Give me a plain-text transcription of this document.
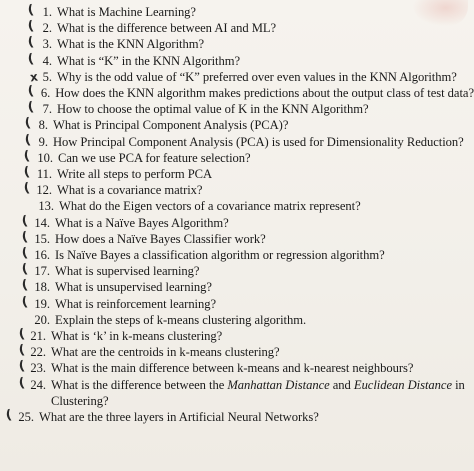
( 1. What is Machine Learning?
( 2. What is the difference between AI and ML?
( 3. What is the KNN Algorithm?
( 4. What is “K” in the KNN Algorithm?
x 5. Why is the odd value of “K” preferred over even values in the KNN Algorithm?
( 6. How does the KNN algorithm makes predictions about the output class of test data?
( 7. How to choose the optimal value of K in the KNN Algorithm?
( 8. What is Principal Component Analysis (PCA)?
( 9. How Principal Component Analysis (PCA) is used for Dimensionality Reduction?
( 10. Can we use PCA for feature selection?
( 11. Write all steps to perform PCA
( 12. What is a covariance matrix?
13. What do the Eigen vectors of a covariance matrix represent?
( 14. What is a Naïve Bayes Algorithm?
( 15. How does a Naïve Bayes Classifier work?
( 16. Is Naïve Bayes a classification algorithm or regression algorithm?
( 17. What is supervised learning?
( 18. What is unsupervised learning?
( 19. What is reinforcement learning?
20. Explain the steps of k-means clustering algorithm.
( 21. What is ‘k’ in k-means clustering?
( 22. What are the centroids in k-means clustering?
( 23. What is the main difference between k-means and k-nearest neighbours?
( 24. What is the difference between the Manhattan Distance and Euclidean Distance in
Clustering?
( 25. What are the three layers in Artificial Neural Networks?
